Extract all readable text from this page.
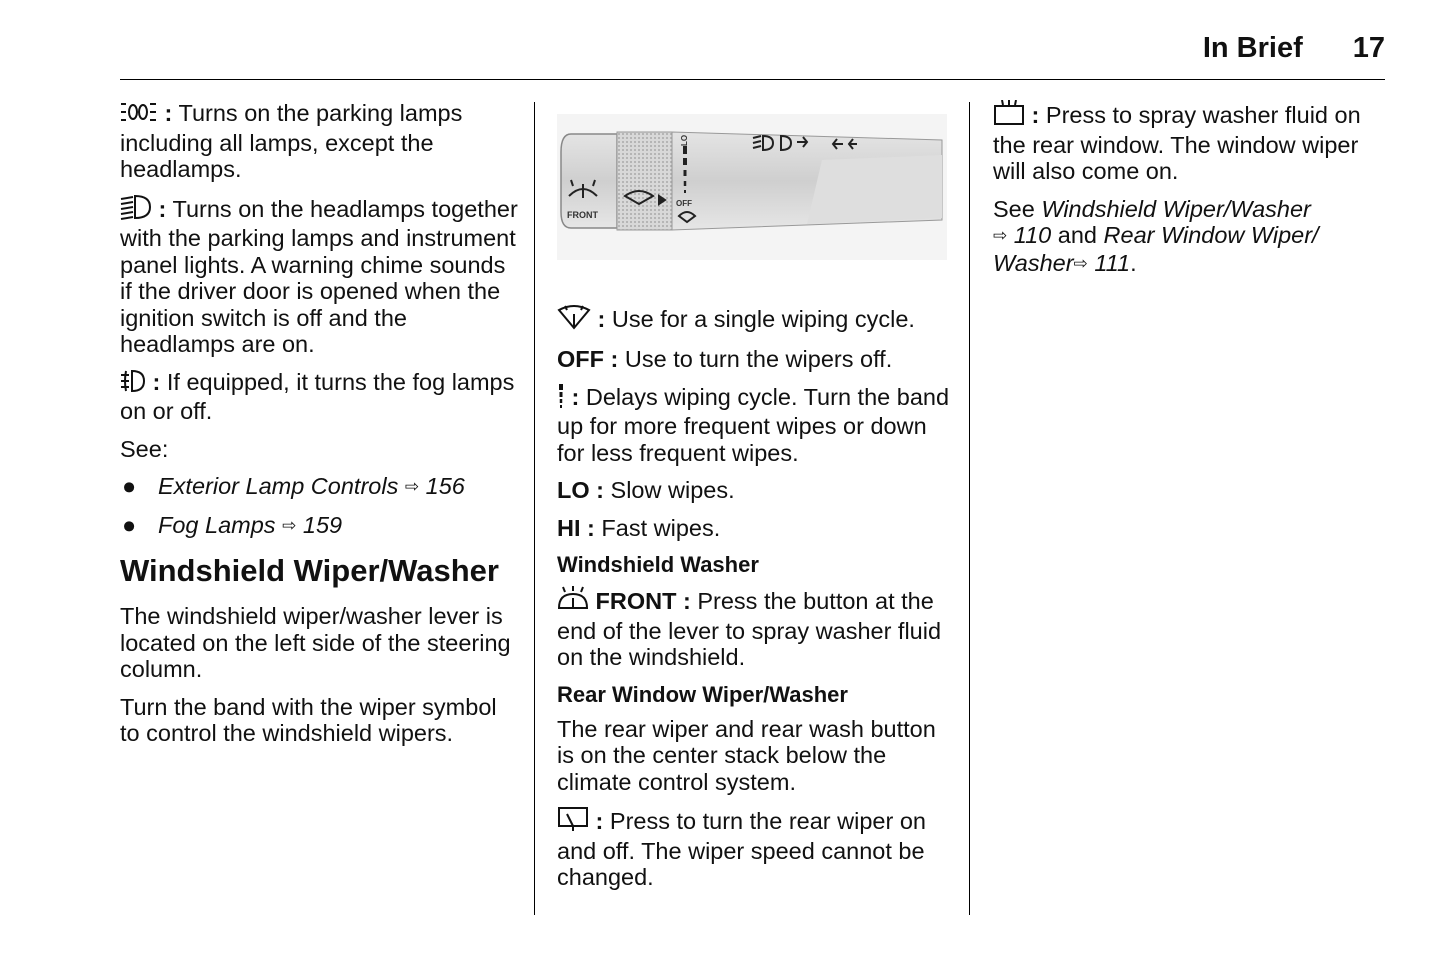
In Brief 17

: Turns on the parking lamps including all lamps, except the headlamps.

: Turns on the headlamps together with the parking lamps and instrument panel lights. A warning chime sounds if the driver door is opened when the ignition switch is off and the headlamps are on.

: If equipped, it turns the fog lamps on or off.

See:

● Exterior Lamp Controls ⇨ 156
● Fog Lamps ⇨ 159
Windshield Wiper/Washer

The windshield wiper/washer lever is located on the left side of the steering column.

Turn the band with the wiper symbol to control the windshield wipers.

FRONT
LO
OFF

: Use for a single wiping cycle.

OFF : Use to turn the wipers off.

: Delays wiping cycle. Turn the band up for more frequent wipes or down for less frequent wipes.

LO : Slow wipes.

HI : Fast wipes.

Windshield Washer

FRONT : Press the button at the end of the lever to spray washer fluid on the windshield.

Rear Window Wiper/Washer

The rear wiper and rear wash button is on the center stack below the climate control system.

: Press to turn the rear wiper on and off. The wiper speed cannot be changed.

: Press to spray washer fluid on the rear window. The window wiper will also come on.

See Windshield Wiper/Washer
⇨ 110 and Rear Window Wiper/ Washer⇨ 111.
